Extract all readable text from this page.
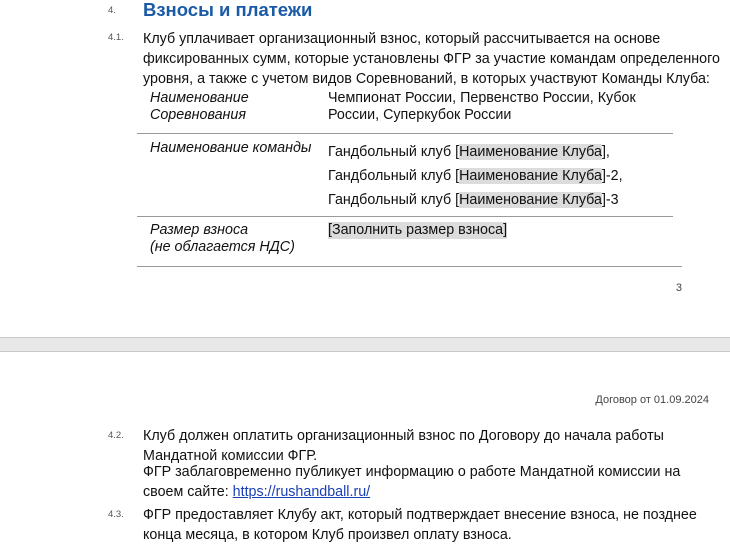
4. Взносы и платежи
4.1. Клуб уплачивает организационный взнос, который рассчитывается на основе
фиксированных сумм, которые установлены ФГР за участие командам определенного
уровня, а также с учетом видов Соревнований, в которых участвуют Команды Клуба:
Наименование
Соревнования
Чемпионат России, Первенство России, Кубок
России, Суперкубок России
Наименование команды Гандбольный клуб [Наименование Клуба],
Гандбольный клуб [Наименование Клуба]-2,
Гандбольный клуб [Наименование Клуба]-3
Размер взноса
(не облагается НДС)
[Заполнить размер взноса]
3
Договор от 01.09.2024
4.2. Клуб должен оплатить организационный взнос по Договору до начала работы
Мандатной комиссии ФГР.
ФГР заблаговременно публикует информацию о работе Мандатной комиссии на
своем сайте: https://rushandball.ru/
4.3. ФГР предоставляет Клубу акт, который подтверждает внесение взноса, не позднее
конца месяца, в котором Клуб произвел оплату взноса.
